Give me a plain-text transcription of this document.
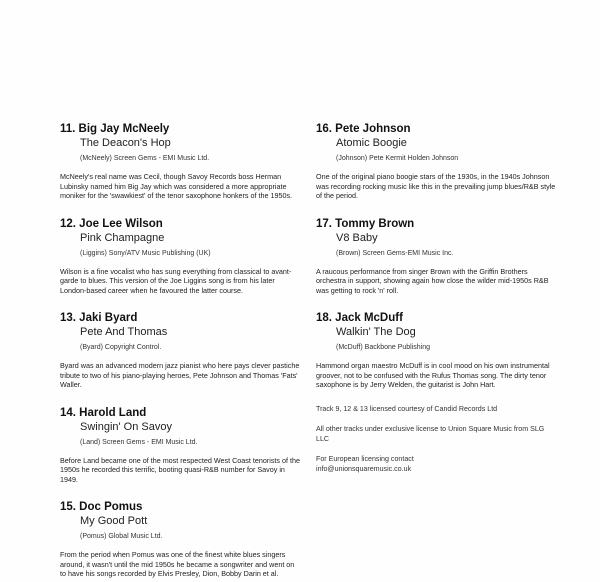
11. Big Jay McNeely
The Deacon's Hop
(McNeely) Screen Gems - EMI Music Ltd.
McNeely's real name was Cecil, though Savoy Records boss Herman Lubinsky named him Big Jay which was considered a more appropriate moniker for the 'swawkiest' of the tenor saxophone honkers of the 1950s.
12. Joe Lee Wilson
Pink Champagne
(Liggins) Sony/ATV Music Publishing (UK)
Wilson is a fine vocalist who has sung everything from classical to avant-garde to blues. This version of the Joe Liggins song is from his later London-based career when he favoured the latter course.
13. Jaki Byard
Pete And Thomas
(Byard) Copyright Control.
Byard was an advanced modern jazz pianist who here pays clever pastiche tribute to two of his piano-playing heroes, Pete Johnson and Thomas 'Fats' Waller.
14. Harold Land
Swingin' On Savoy
(Land) Screen Gems - EMI Music Ltd.
Before Land became one of the most respected West Coast tenorists of the 1950s he recorded this terrific, booting quasi-R&B number for Savoy in 1949.
15. Doc Pomus
My Good Pott
(Pomus) Global Music Ltd.
From the period when Pomus was one of the finest white blues singers around, it wasn't until the mid 1950s he became a songwriter and went on to have his songs recorded by Elvis Presley, Dion, Bobby Darin et al.
16. Pete Johnson
Atomic Boogie
(Johnson) Pete Kermit Holden Johnson
One of the original piano boogie stars of the 1930s, in the 1940s Johnson was recording rocking music like this in the prevailing jump blues/R&B style of the period.
17. Tommy Brown
V8 Baby
(Brown) Screen Gems-EMI Music Inc.
A raucous performance from singer Brown with the Griffin Brothers orchestra in support, showing again how close the wilder mid-1950s R&B was getting to rock 'n' roll.
18. Jack McDuff
Walkin' The Dog
(McDuff) Backbone Publishing
Hammond organ maestro McDuff is in cool mood on his own instrumental groover, not to be confused with the Rufus Thomas song. The dirty tenor saxophone is by Jerry Welden, the guitarist is John Hart.
Track 9, 12 & 13 licensed courtesy of Candid Records Ltd
All other tracks under exclusive license to Union Square Music from SLG LLC
For European licensing contact
info@unionsquaremusic.co.uk
